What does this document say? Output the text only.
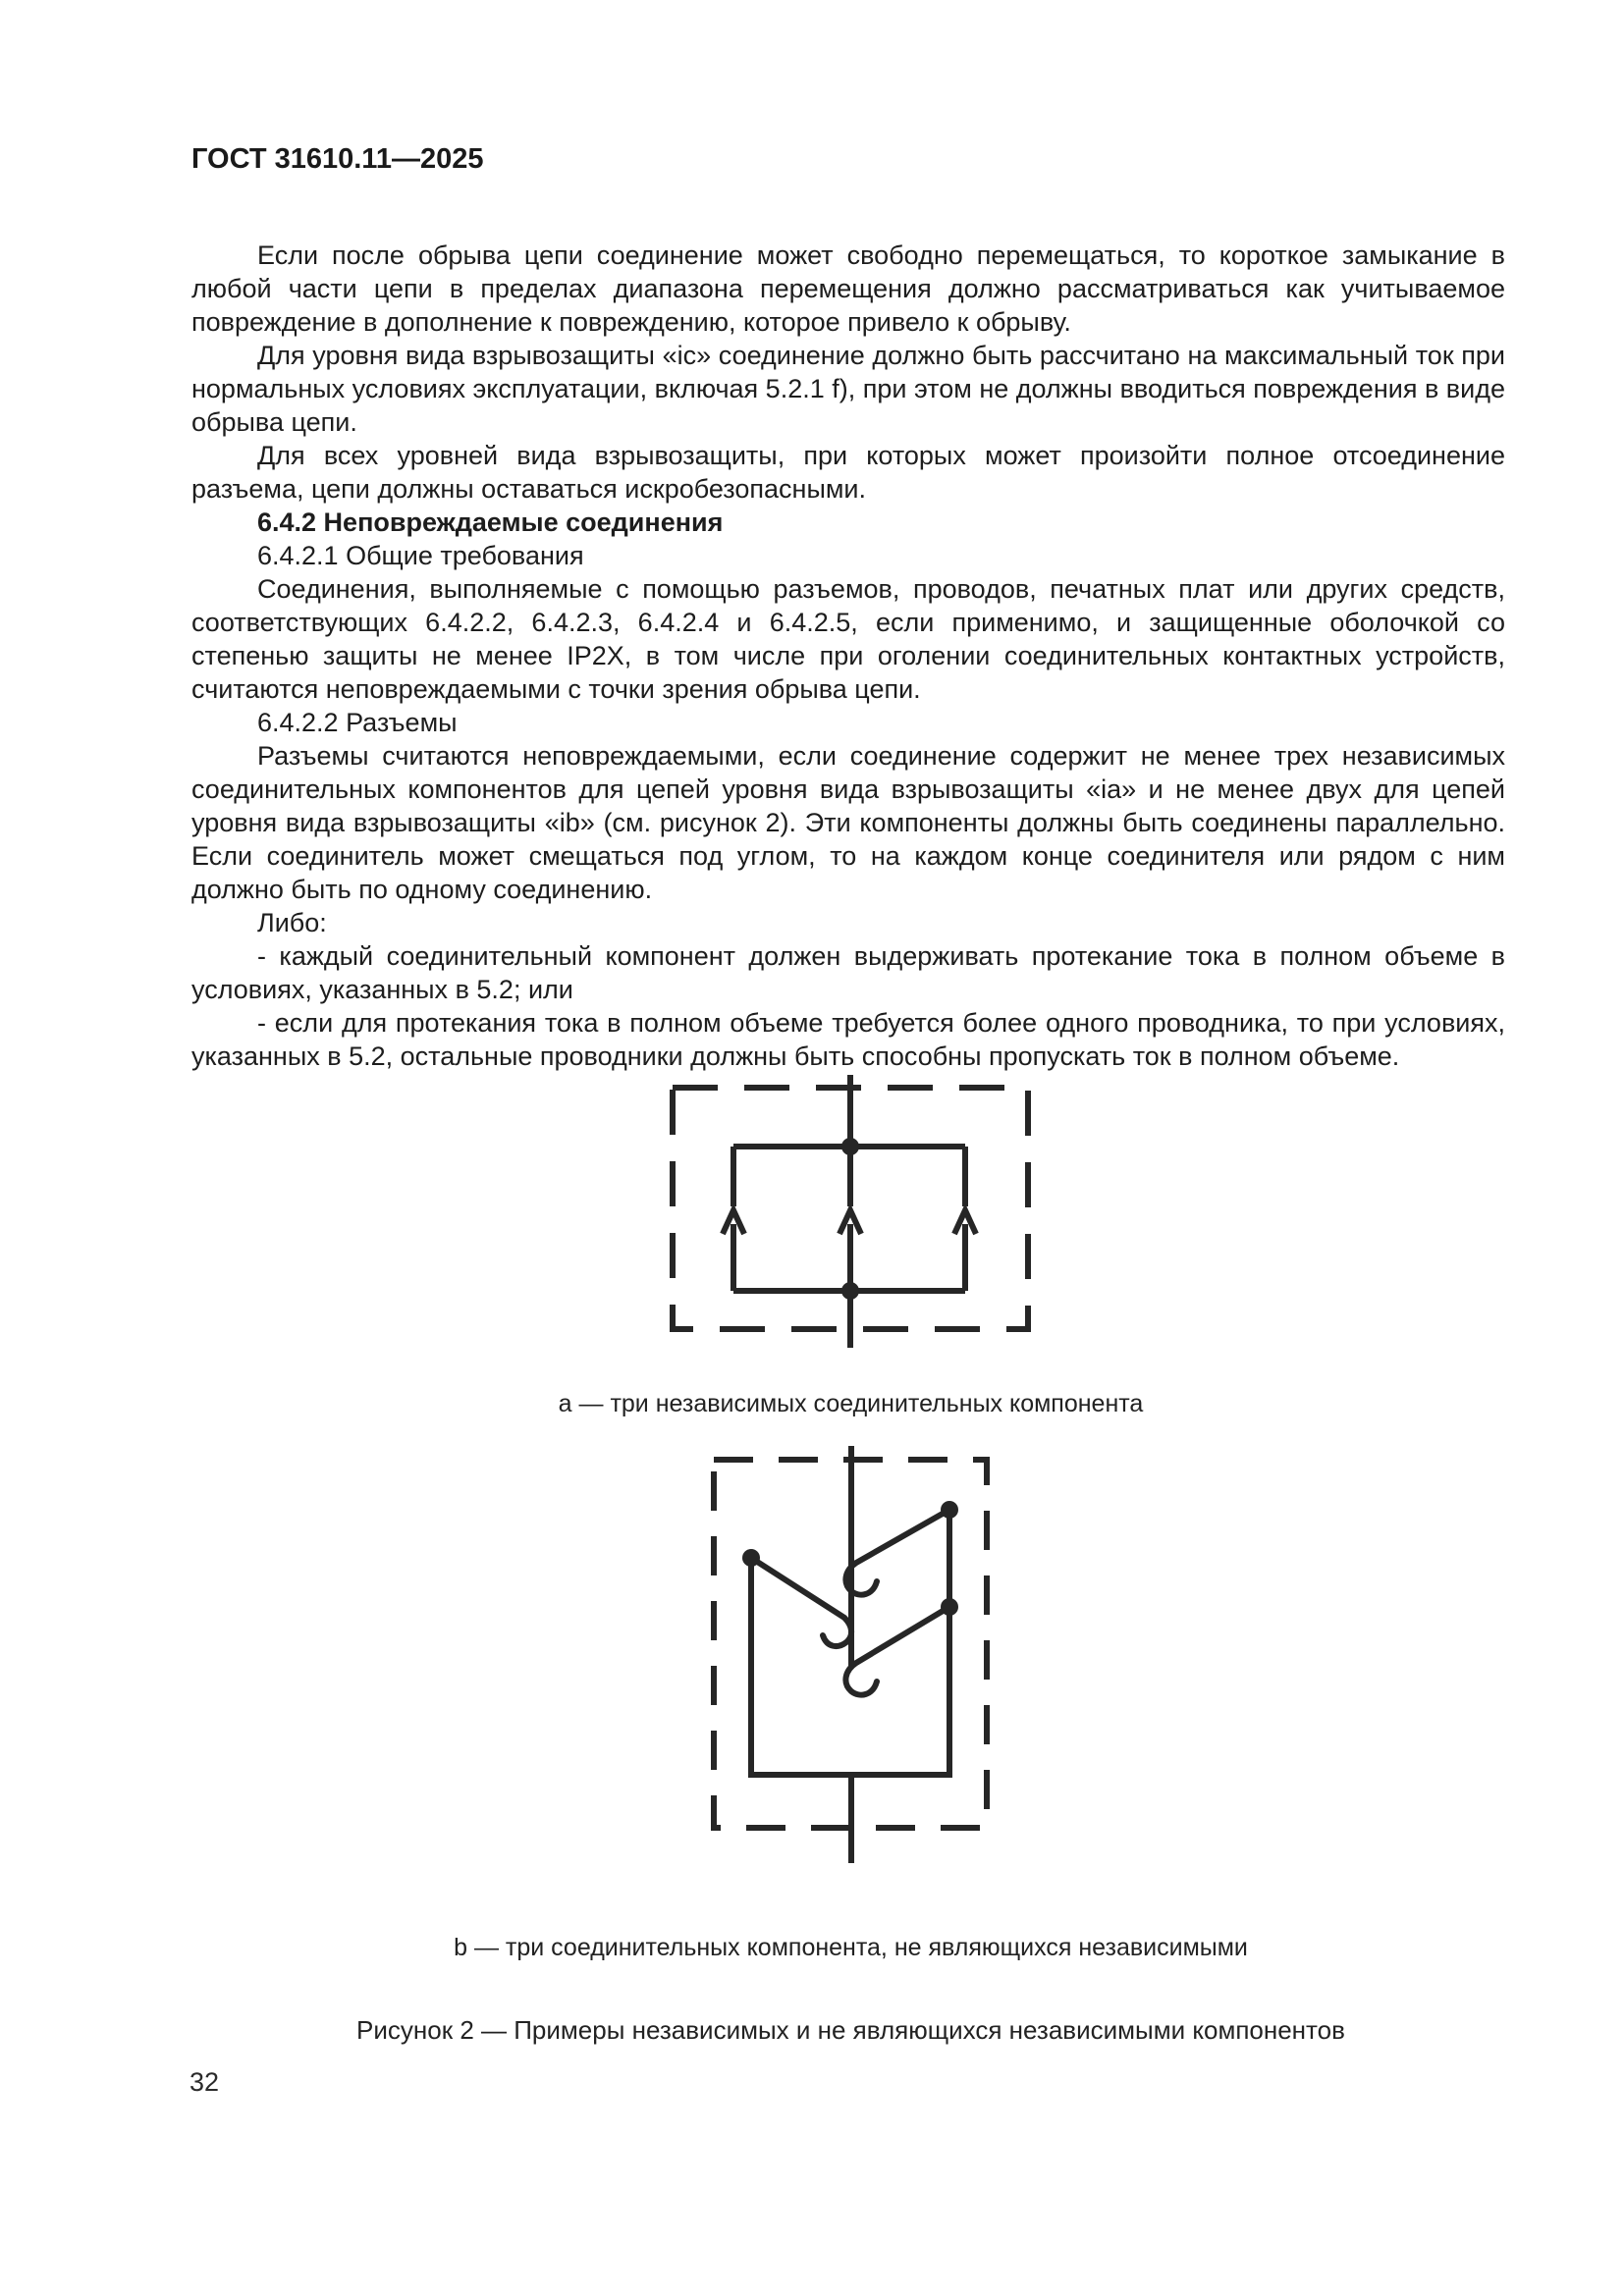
ГОСТ 31610.11—2025

Если после обрыва цепи соединение может свободно перемещаться, то короткое замыкание в любой части цепи в пределах диапазона перемещения должно рассматриваться как учитываемое повреждение в дополнение к повреждению, которое привело к обрыву.

Для уровня вида взрывозащиты «ic» соединение должно быть рассчитано на максимальный ток при нормальных условиях эксплуатации, включая 5.2.1 f), при этом не должны вводиться повреждения в виде обрыва цепи.

Для всех уровней вида взрывозащиты, при которых может произойти полное отсоединение разъема, цепи должны оставаться искробезопасными.

6.4.2 Неповреждаемые соединения

6.4.2.1 Общие требования

Соединения, выполняемые с помощью разъемов, проводов, печатных плат или других средств, соответствующих 6.4.2.2, 6.4.2.3, 6.4.2.4 и 6.4.2.5, если применимо, и защищенные оболочкой со степенью защиты не менее IP2X, в том числе при оголении соединительных контактных устройств, считаются неповреждаемыми с точки зрения обрыва цепи.

6.4.2.2 Разъемы

Разъемы считаются неповреждаемыми, если соединение содержит не менее трех независимых соединительных компонентов для цепей уровня вида взрывозащиты «ia» и не менее двух для цепей уровня вида взрывозащиты «ib» (см. рисунок 2). Эти компоненты должны быть соединены параллельно. Если соединитель может смещаться под углом, то на каждом конце соединителя или рядом с ним должно быть по одному соединению.

Либо:

- каждый соединительный компонент должен выдерживать протекание тока в полном объеме в условиях, указанных в 5.2; или

- если для протекания тока в полном объеме требуется более одного проводника, то при условиях, указанных в 5.2, остальные проводники должны быть способны пропускать ток в полном объеме.

а — три независимых соединительных компонента
b — три соединительных компонента, не являющихся независимыми
Рисунок 2 — Примеры независимых и не являющихся независимыми компонентов
32
